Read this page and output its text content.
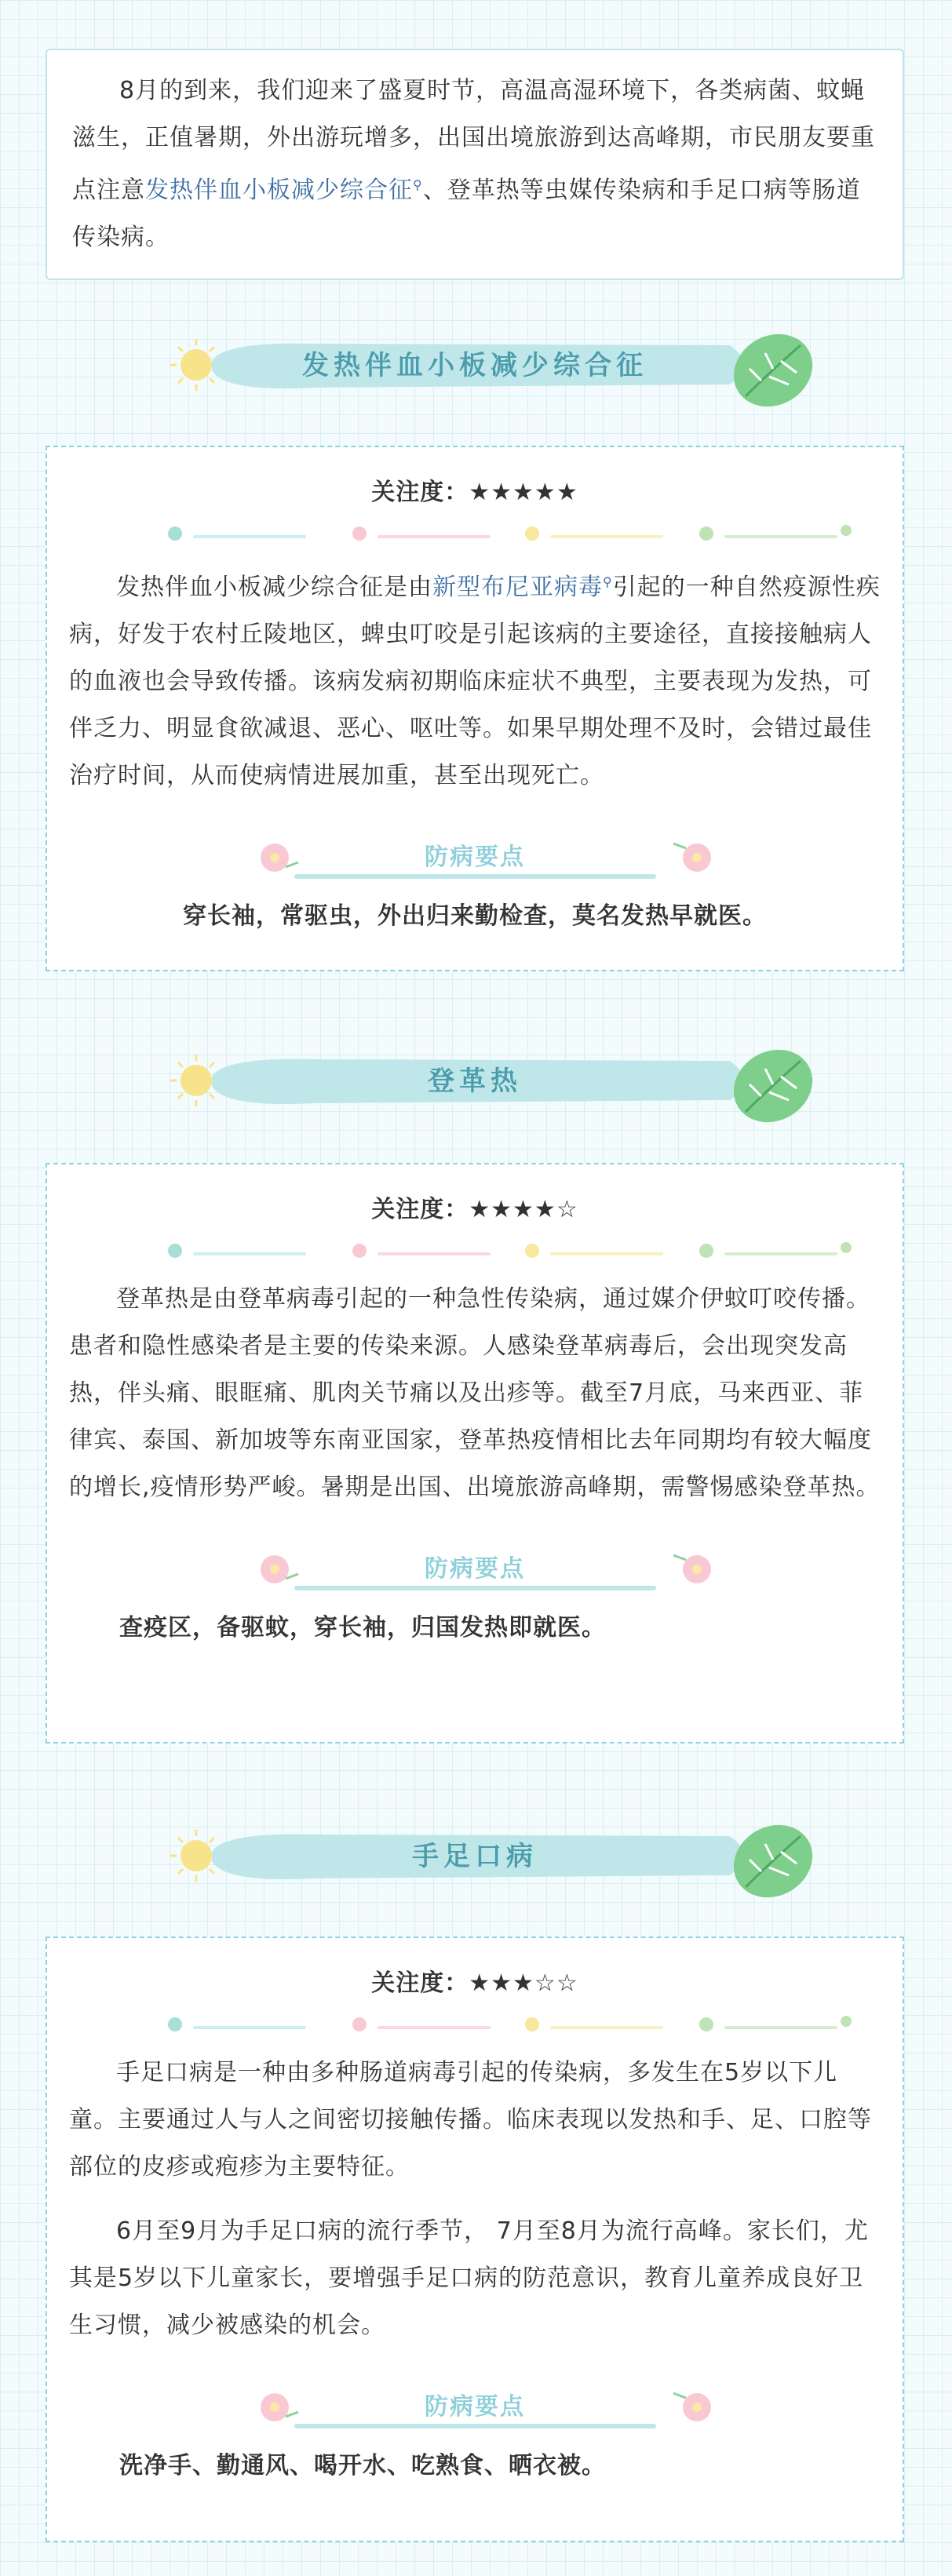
8月的到来，我们迎来了盛夏时节，高温高湿环境下，各类病菌、蚊蝇滋生，正值暑期，外出游玩增多，出国出境旅游到达高峰期，市民朋友要重点注意发热伴血小板减少综合征⚲、登革热等虫媒传染病和手足口病等肠道传染病。

发热伴血小板减少综合征
关注度：★★★★★

发热伴血小板减少综合征是由新型布尼亚病毒⚲引起的一种自然疫源性疾病，好发于农村丘陵地区，蜱虫叮咬是引起该病的主要途径，直接接触病人的血液也会导致传播。该病发病初期临床症状不典型，主要表现为发热，可伴乏力、明显食欲减退、恶心、呕吐等。如果早期处理不及时，会错过最佳治疗时间，从而使病情进展加重，甚至出现死亡。

防病要点
穿长袖，常驱虫，外出归来勤检查，莫名发热早就医。
登革热
关注度：★★★★☆

登革热是由登革病毒引起的一种急性传染病，通过媒介伊蚊叮咬传播。患者和隐性感染者是主要的传染来源。人感染登革病毒后，会出现突发高热，伴头痛、眼眶痛、肌肉关节痛以及出疹等。截至7月底，马来西亚、菲律宾、泰国、新加坡等东南亚国家，登革热疫情相比去年同期均有较大幅度的增长,疫情形势严峻。暑期是出国、出境旅游高峰期，需警惕感染登革热。

防病要点
查疫区，备驱蚊，穿长袖，归国发热即就医。
手足口病
关注度：★★★☆☆

手足口病是一种由多种肠道病毒引起的传染病，多发生在5岁以下儿童。主要通过人与人之间密切接触传播。临床表现以发热和手、足、口腔等部位的皮疹或疱疹为主要特征。

6月至9月为手足口病的流行季节， 7月至8月为流行高峰。家长们，尤其是5岁以下儿童家长，要增强手足口病的防范意识，教育儿童养成良好卫生习惯，减少被感染的机会。

防病要点
洗净手、勤通风、喝开水、吃熟食、晒衣被。
